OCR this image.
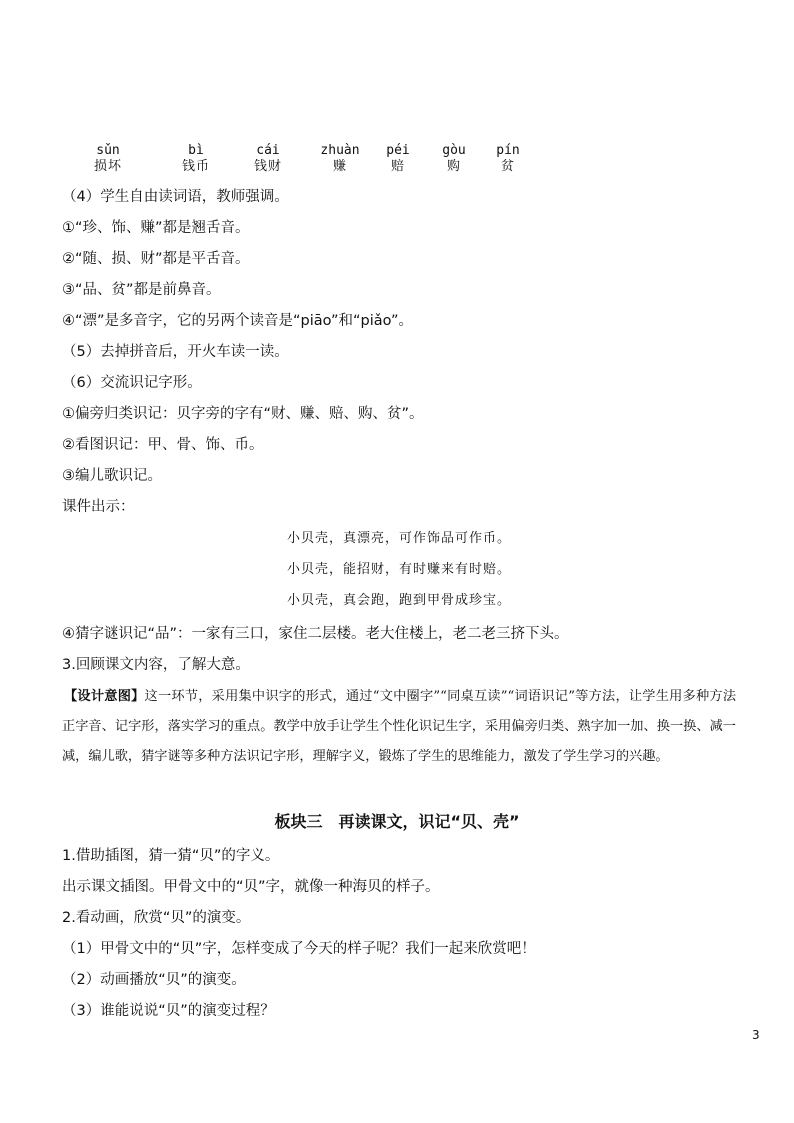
sǔn
损坏
bì
钱币
cái
钱财
zhuàn
赚
péi
赔
gòu
购
pín
贫
（4）学生自由读词语，教师强调。
①“珍、饰、赚”都是翘舌音。
②“随、损、财”都是平舌音。
③“品、贫”都是前鼻音。
④“漂”是多音字，它的另两个读音是“piāo”和“piǎo”。
（5）去掉拼音后，开火车读一读。
（6）交流识记字形。
①偏旁归类识记：贝字旁的字有“财、赚、赔、购、贫”。
②看图识记：甲、骨、饰、币。
③编儿歌识记。
课件出示：
小贝壳，真漂亮，可作饰品可作币。
小贝壳，能招财，有时赚来有时赔。
小贝壳，真会跑，跑到甲骨成珍宝。
④猜字谜识记“品”：一家有三口，家住二层楼。老大住楼上，老二老三挤下头。
3.回顾课文内容，了解大意。
【设计意图】这一环节，采用集中识字的形式，通过“文中圈字”“同桌互读”“词语识记”等方法，让学生用多种方法正字音、记字形，落实学习的重点。教学中放手让学生个性化识记生字，采用偏旁归类、熟字加一加、换一换、减一减，编儿歌，猜字谜等多种方法识记字形，理解字义，锻炼了学生的思维能力，激发了学生学习的兴趣。
板块三　再读课文，识记“贝、壳”
1.借助插图，猜一猜“贝”的字义。
出示课文插图。甲骨文中的“贝”字，就像一种海贝的样子。
2.看动画，欣赏“贝”的演变。
（1）甲骨文中的“贝”字，怎样变成了今天的样子呢？我们一起来欣赏吧！
（2）动画播放“贝”的演变。
（3）谁能说说“贝”的演变过程？
3
